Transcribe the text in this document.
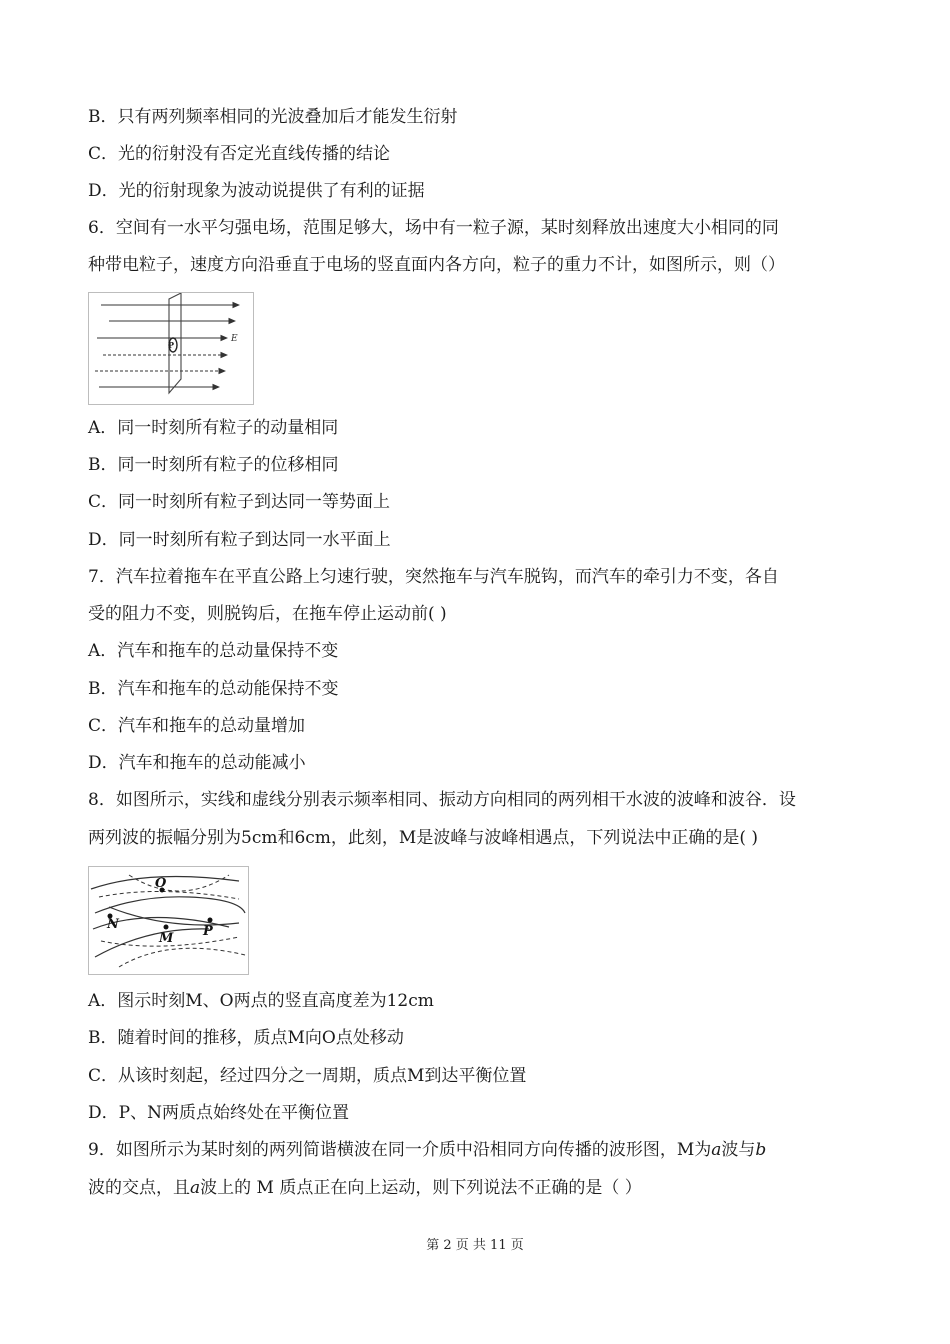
B．只有两列频率相同的光波叠加后才能发生衍射
C．光的衍射没有否定光直线传播的结论
D．光的衍射现象为波动说提供了有利的证据
6．空间有一水平匀强电场，范围足够大，场中有一粒子源，某时刻释放出速度大小相同的同
种带电粒子，速度方向沿垂直于电场的竖直面内各方向，粒子的重力不计，如图所示，则（）
E
P
A．同一时刻所有粒子的动量相同
B．同一时刻所有粒子的位移相同
C．同一时刻所有粒子到达同一等势面上
D．同一时刻所有粒子到达同一水平面上
7．汽车拉着拖车在平直公路上匀速行驶，突然拖车与汽车脱钩，而汽车的牵引力不变，各自
受的阻力不变，则脱钩后，在拖车停止运动前( )
A．汽车和拖车的总动量保持不变
B．汽车和拖车的总动能保持不变
C．汽车和拖车的总动量增加
D．汽车和拖车的总动能减小
8．如图所示，实线和虚线分别表示频率相同、振动方向相同的两列相干水波的波峰和波谷．设
两列波的振幅分别为5cm和6cm，此刻，M是波峰与波峰相遇点，下列说法中正确的是( )
O
N
M P
A．图示时刻M、O两点的竖直高度差为12cm
B．随着时间的推移，质点M向O点处移动
C．从该时刻起，经过四分之一周期，质点M到达平衡位置
D．P、N两质点始终处在平衡位置
9．如图所示为某时刻的两列简谐横波在同一介质中沿相同方向传播的波形图，M为a波与b
波的交点，且a波上的 M 质点正在向上运动，则下列说法不正确的是（ ）
第 2 页 共 11 页
